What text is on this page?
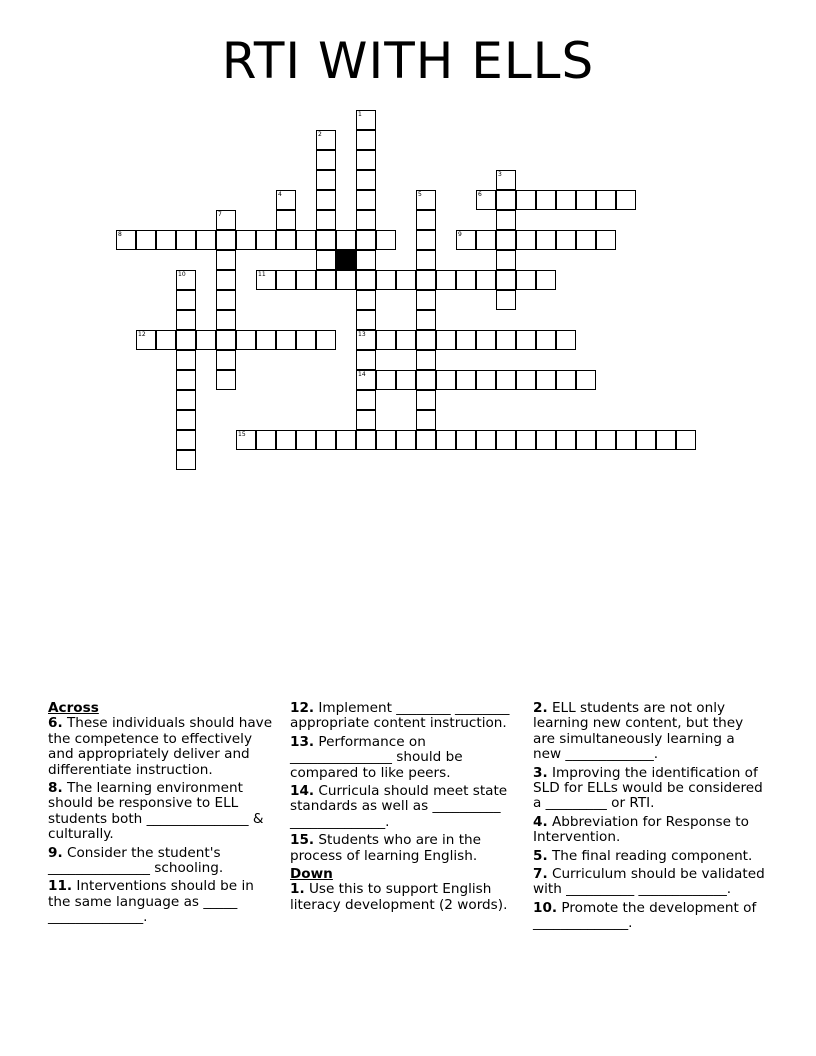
RTI WITH ELLS
1
13
14
2
3
4	5	6
7
8	9
10	11
12
15
Across
6. These individuals should have the competence to effectively and appropriately deliver and differentiate instruction.
8. The learning environment should be responsive to ELL students both _______________ & culturally.
9. Consider the student's _______________ schooling.
11. Interventions should be in the same language as _____ ______________.
12. Implement ________ ________ appropriate content instruction.
13. Performance on _______________ should be compared to like peers.
14. Curricula should meet state standards as well as __________ ______________.
15. Students who are in the process of learning English.
Down
1. Use this to support English literacy development (2 words).
2. ELL students are not only learning new content, but they are simultaneously learning a new _____________.
3. Improving the identification of SLD for ELLs would be considered a _________ or RTI.
4. Abbreviation for Response to Intervention.
5. The final reading component.
7. Curriculum should be validated with __________ _____________.
10. Promote the development of ______________.
